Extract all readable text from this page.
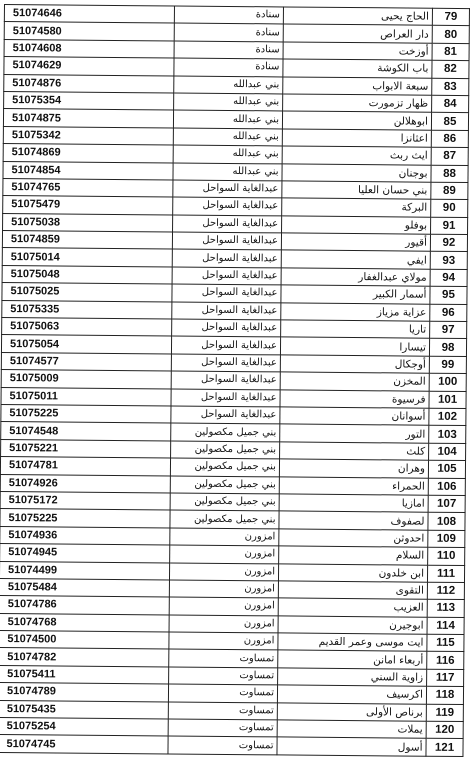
51074646	سنادة	الحاج يحيى	79
51074580	سنادة	دار العراص	80
51074608	سنادة	أوزخت	81
51074629	سنادة	باب الكوشة	82
51074876	بني عبدالله	سبعة الابواب	83
51075354	بني عبدالله	ظهار تزمورت	84
51074875	بني عبدالله	ابوهلالن	85
51075342	بني عبدالله	اعثانزا	86
51074869	بني عبدالله	ايث ربث	87
51074854	بني عبدالله	بوجنان	88
51074765	عبدالغاية السواحل	بني حسان العليا	89
51075479	عبدالغاية السواحل	البركة	90
51075038	عبدالغاية السواحل	بوفلو	91
51074859	عبدالغاية السواحل	أقيور	92
51075014	عبدالغاية السواحل	ايفي	93
51075048	عبدالغاية السواحل	مولاي عبدالغفار	94
51075025	عبدالغاية السواحل	أسمار الكبير	95
51075335	عبدالغاية السواحل	عزاية مزياز	96
51075063	عبدالغاية السواحل	تاريا	97
51075054	عبدالغاية السواحل	تيسارا	98
51074577	عبدالغاية السواحل	أوجكال	99
51075009	عبدالغاية السواحل	المخزن	100
51075011	عبدالغاية السواحل	فرسيوة	101
51075225	عبدالغاية السواحل	أسوانان	102
51074548	بني جميل مكصولين	التور	103
51075221	بني جميل مكصولين	كلث	104
51074781	بني جميل مكصولين	وهران	105
51074926	بني جميل مكصولين	الحمراء	106
51075172	بني جميل مكصولين	امازيا	107
51075225	بني جميل مكصولين	لصفوف	108
51074936	امزورن	احدوثن	109
51074945	امزورن	السلام	110
51074499	امزورن	ابن خلدون	111
51075484	امزورن	التقوى	112
51074786	امزورن	العزيب	113
51074768	امزورن	ابوجيرن	114
51074500	امزورن	ايت موسى وعمر القديم	115
51074782	تمساوت	أربعاء امانن	116
51075411	تمساوت	زاوية السني	117
51074789	تمساوت	اكرسيف	118
51075435	تمساوت	برناص الأولى	119
51075254	تمساوت	يملات	120
51074745	تمساوت	أسول	121
